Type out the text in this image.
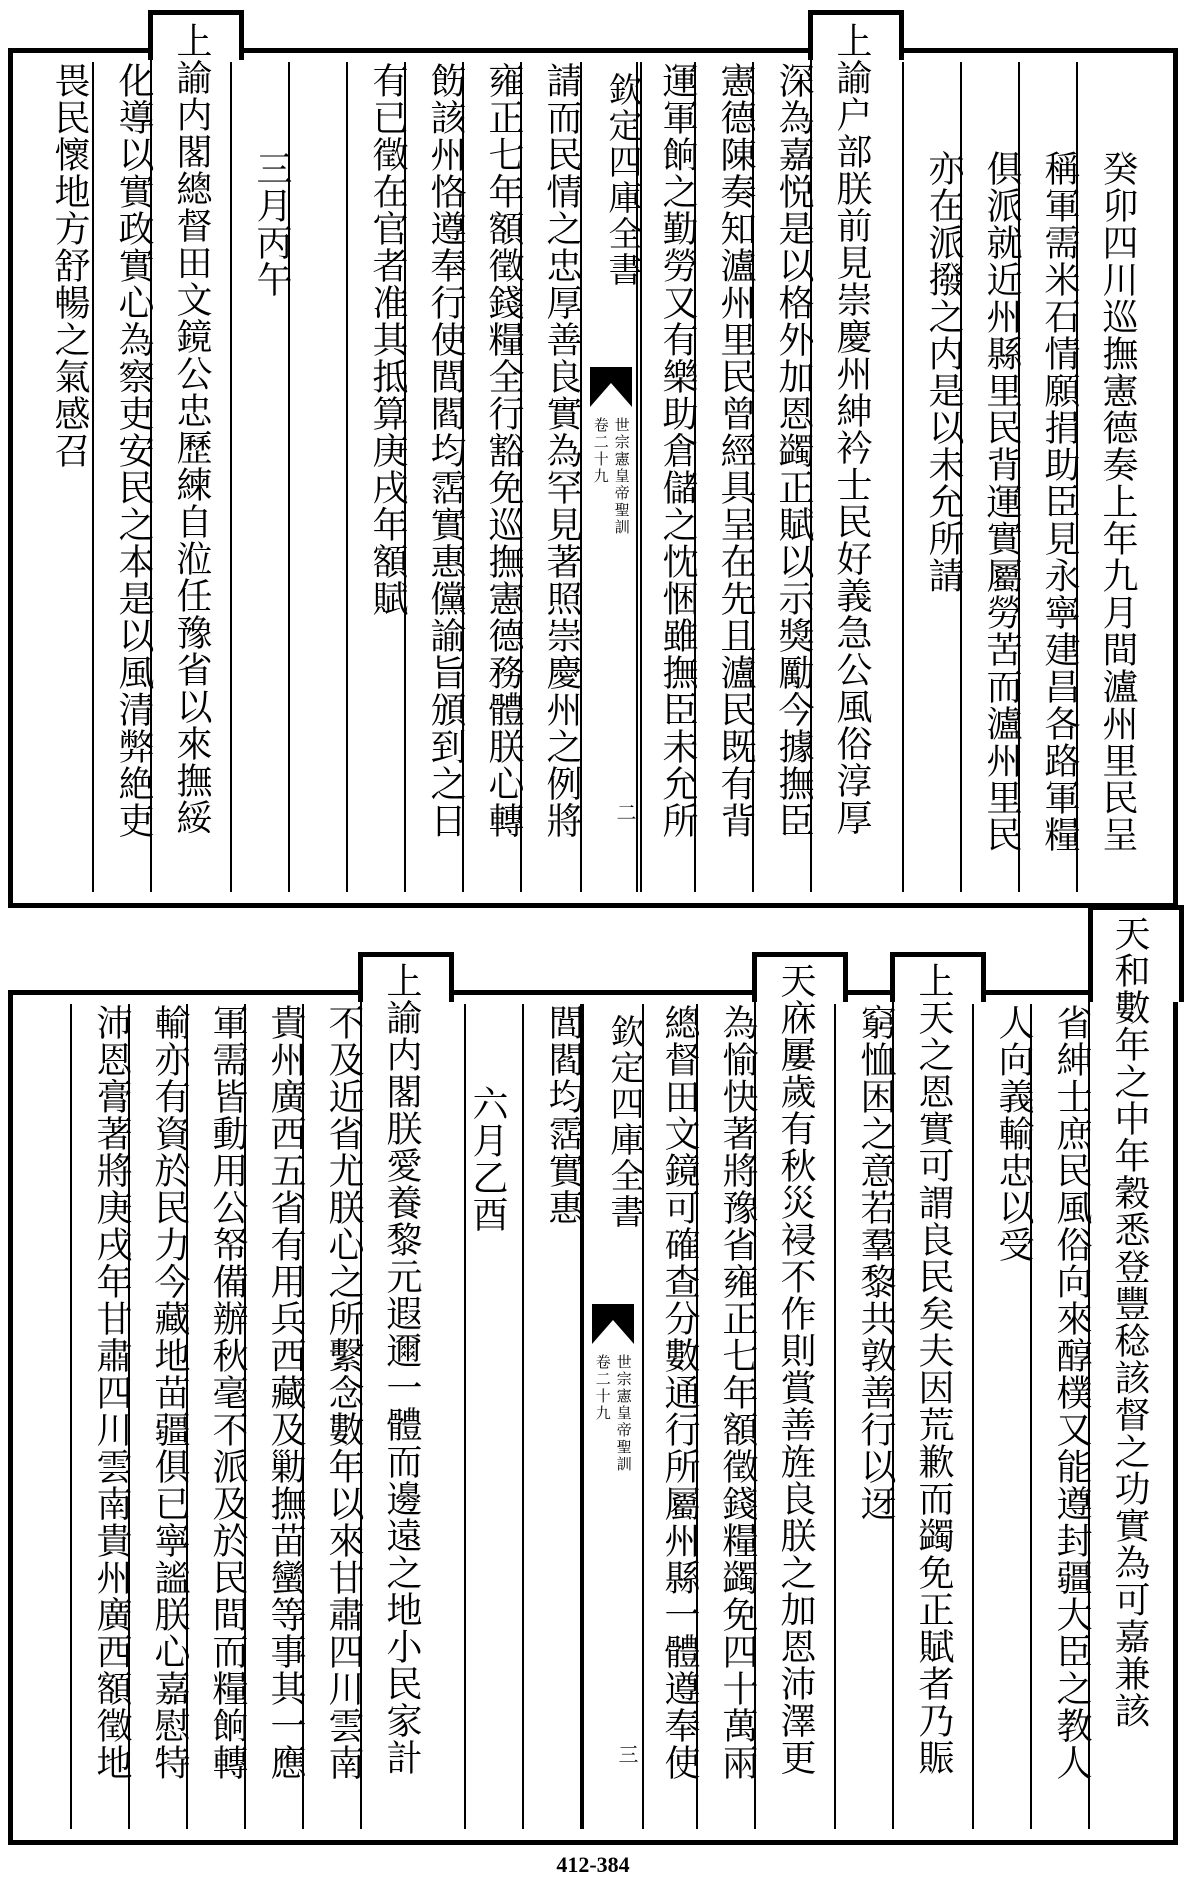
癸卯四川巡撫憲德奏上年九月間瀘州里民呈
稱軍需米石情願捐助臣見永寧建昌各路軍糧
俱派就近州縣里民背運實屬勞苦而瀘州里民
亦在派撥之内是以未允所請
上諭户部朕前見崇慶州紳衿士民好義急公風俗淳厚
深為嘉悦是以格外加恩蠲正賦以示獎勵今據撫臣
憲德陳奏知瀘州里民曾經具呈在先且瀘民既有背
運軍餉之勤勞又有樂助倉儲之忱悃雖撫臣未允所
欽定四庫全書
世宗憲皇帝聖訓
卷二十九
二
請而民情之忠厚善良實為罕見著照崇慶州之例將
雍正七年額徵錢糧全行豁免巡撫憲德務體朕心轉
飭該州恪遵奉行使閭閻均霑實惠儻諭旨頒到之日
有已徵在官者准其抵算庚戌年額賦
三月丙午
上諭内閣總督田文鏡公忠歷練自涖任豫省以來撫綏
化導以實政實心為察吏安民之本是以風清弊絶吏
畏民懷地方舒暢之氣感召
天和數年之中年穀悉登豐稔該督之功實為可嘉兼該
省紳士庶民風俗向來醇樸又能遵封疆大臣之教人
人向義輸忠以受
上天之恩實可謂良民矣夫因荒歉而蠲免正賦者乃賑
窮恤困之意若羣黎共敦善行以迓
天庥屢歲有秋災祲不作則賞善旌良朕之加恩沛澤更
為愉快著將豫省雍正七年額徵錢糧蠲免四十萬兩
總督田文鏡可確查分數通行所屬州縣一體遵奉使
欽定四庫全書
世宗憲皇帝聖訓
卷二十九
三
閭閻均霑實惠
六月乙酉
上諭内閣朕愛養黎元遐邇一體而邊遠之地小民家計
不及近省尤朕心之所繫念數年以來甘肅四川雲南
貴州廣西五省有用兵西藏及勦撫苗蠻等事其一應
軍需皆動用公帑備辦秋毫不派及於民間而糧餉轉
輸亦有資於民力今藏地苗疆俱已寧謐朕心嘉慰特
沛恩膏著將庚戌年甘肅四川雲南貴州廣西額徵地
412-384
